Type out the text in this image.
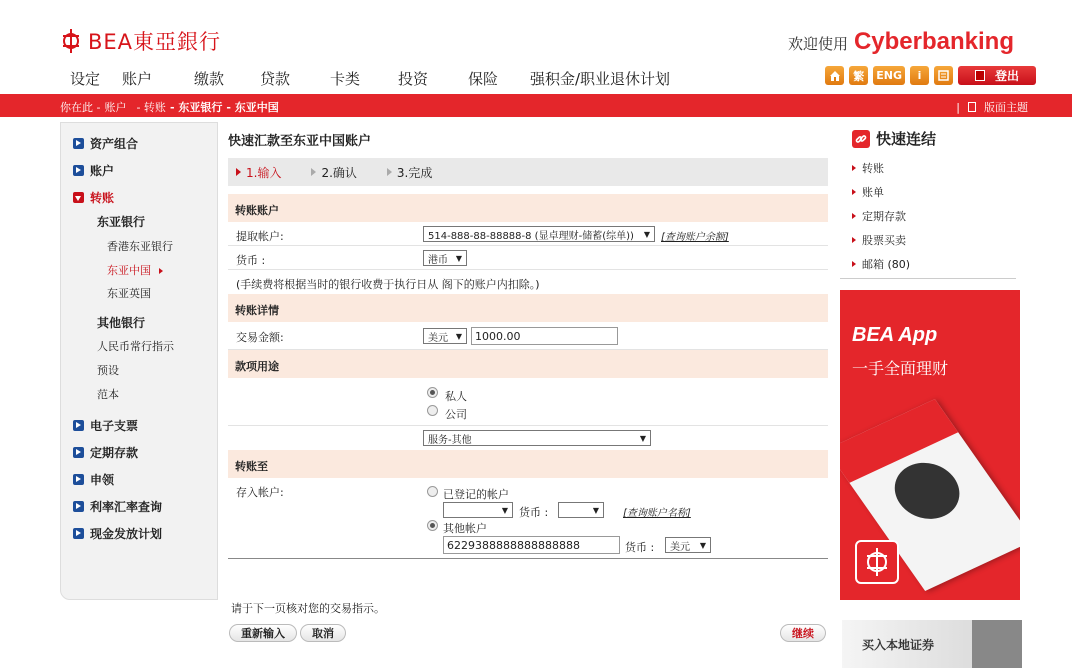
BEA東亞銀行	欢迎使用 Cyberbanking
设定	账户	缴款	贷款	卡类	投资	保险	强积金/职业退休计划	繁	ENG	i	登出
你在此 - 账户 - 转账 - 东亚银行 - 东亚中国	| 版面主题
资产组合
账户
转账
东亚银行
香港东亚银行
东亚中国
东亚英国
其他银行
人民币常行指示
预设
范本
电子支票
定期存款
申领
利率汇率查询
现金发放计划
快速汇款至东亚中国账户
1.输入	2.确认	3.完成
转账账户
提取帐户:	514-888-88-88888-8 (显卓理财-储蓄(综单)) ▼ [查询账户余额]
货币 :	港币 ▼
(手续费将根据当时的银行收费于执行日从 阁下的账户内扣除。)
转账详情
交易金额:	美元 ▼	1000.00
款项用途
私人
公司
服务-其他	▼
转账至
存入帐户:	已登记的帐户
▼ 货币 :	▼ [查询账户名称]
其他帐户
6229388888888888888	货币 : 美元 ▼
请于下一页核对您的交易指示。
重新输入	取消	继续
快速连结
转账
账单
定期存款
股票买卖
邮箱 (80)
BEA App
一手全面理财
买入本地证券
